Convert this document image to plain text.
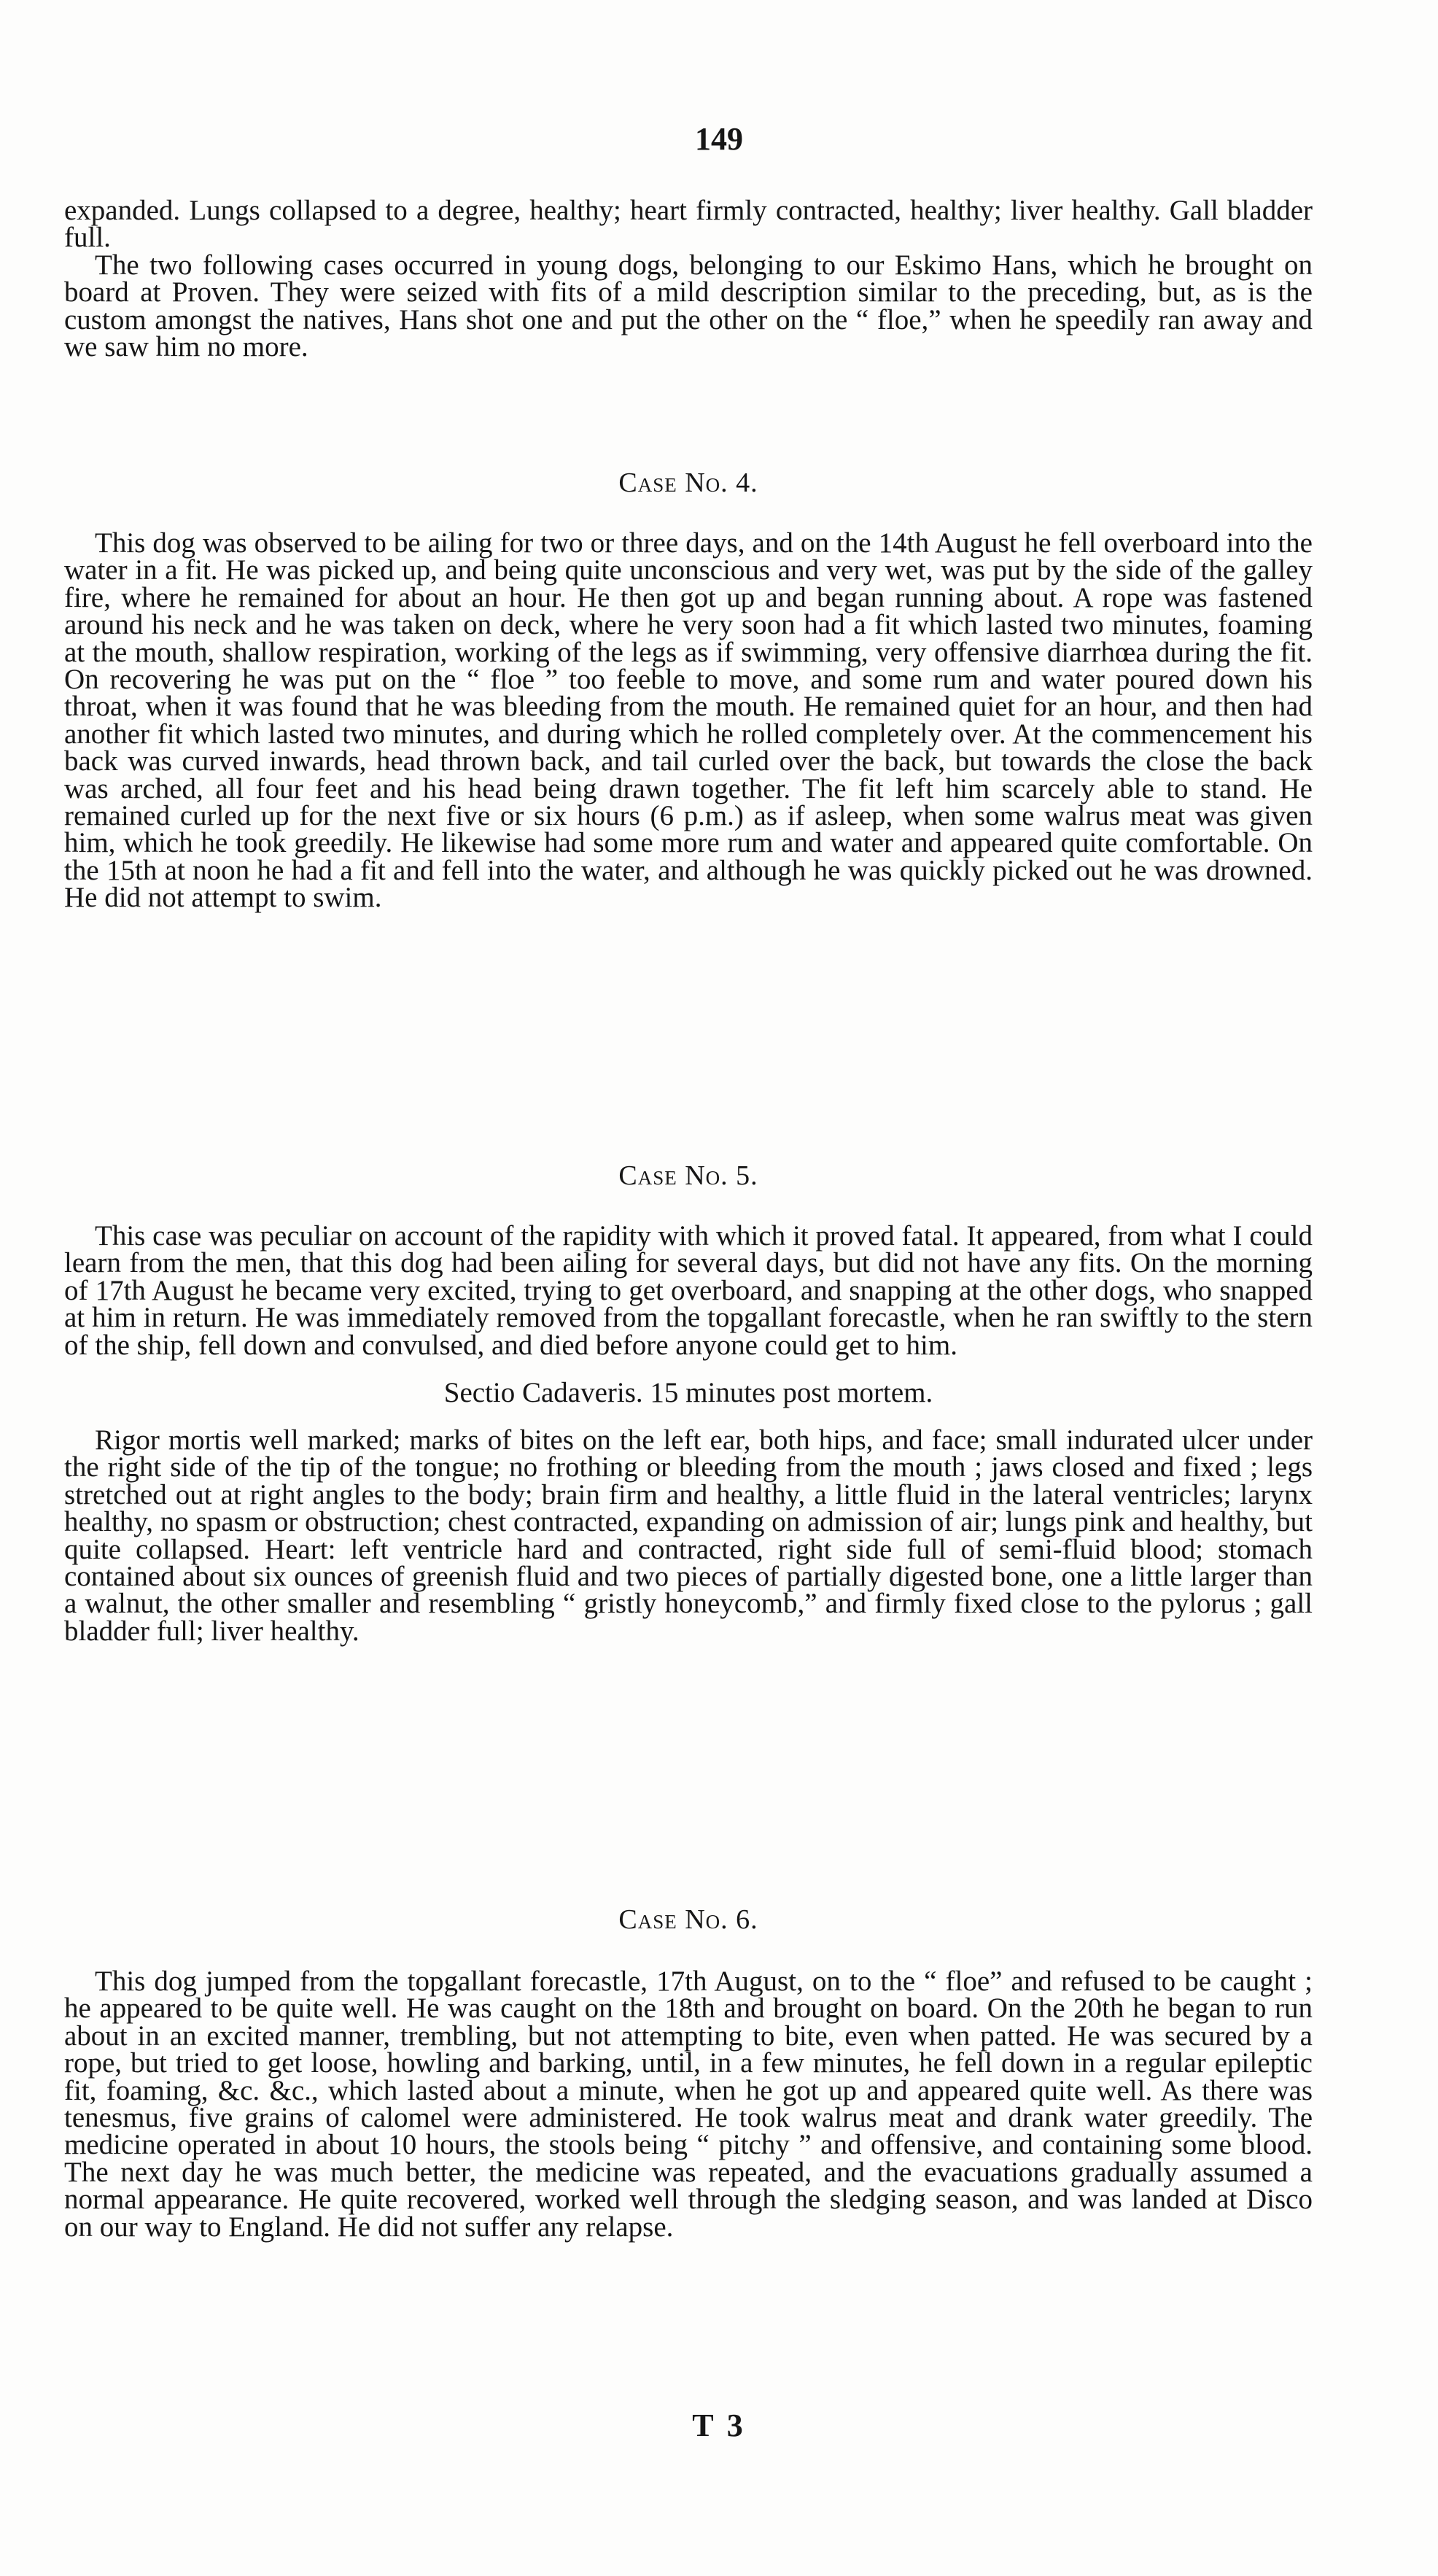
149

expanded. Lungs collapsed to a degree, healthy; heart firmly contracted, healthy; liver healthy. Gall bladder full.

The two following cases occurred in young dogs, belonging to our Eskimo Hans, which he brought on board at Proven. They were seized with fits of a mild description similar to the preceding, but, as is the custom amongst the natives, Hans shot one and put the other on the “ floe,” when he speedily ran away and we saw him no more.

Case No. 4.

This dog was observed to be ailing for two or three days, and on the 14th August he fell overboard into the water in a fit. He was picked up, and being quite unconscious and very wet, was put by the side of the galley fire, where he remained for about an hour. He then got up and began running about. A rope was fastened around his neck and he was taken on deck, where he very soon had a fit which lasted two minutes, foaming at the mouth, shallow respiration, working of the legs as if swimming, very offensive diarrhœa during the fit. On recovering he was put on the “ floe ” too feeble to move, and some rum and water poured down his throat, when it was found that he was bleeding from the mouth. He remained quiet for an hour, and then had another fit which lasted two minutes, and during which he rolled completely over. At the commencement his back was curved inwards, head thrown back, and tail curled over the back, but towards the close the back was arched, all four feet and his head being drawn together. The fit left him scarcely able to stand. He remained curled up for the next five or six hours (6 p.m.) as if asleep, when some walrus meat was given him, which he took greedily. He likewise had some more rum and water and appeared quite comfortable. On the 15th at noon he had a fit and fell into the water, and although he was quickly picked out he was drowned. He did not attempt to swim.

Case No. 5.

This case was peculiar on account of the rapidity with which it proved fatal. It appeared, from what I could learn from the men, that this dog had been ailing for several days, but did not have any fits. On the morning of 17th August he became very excited, trying to get overboard, and snapping at the other dogs, who snapped at him in return. He was immediately removed from the topgallant forecastle, when he ran swiftly to the stern of the ship, fell down and convulsed, and died before anyone could get to him.

Sectio Cadaveris. 15 minutes post mortem.

Rigor mortis well marked; marks of bites on the left ear, both hips, and face; small indurated ulcer under the right side of the tip of the tongue; no frothing or bleeding from the mouth ; jaws closed and fixed ; legs stretched out at right angles to the body; brain firm and healthy, a little fluid in the lateral ventricles; larynx healthy, no spasm or obstruction; chest contracted, expanding on admission of air; lungs pink and healthy, but quite collapsed. Heart: left ventricle hard and contracted, right side full of semi-fluid blood; stomach contained about six ounces of greenish fluid and two pieces of partially digested bone, one a little larger than a walnut, the other smaller and resembling “ gristly honeycomb,” and firmly fixed close to the pylorus ; gall bladder full; liver healthy.

Case No. 6.

This dog jumped from the topgallant forecastle, 17th August, on to the “ floe” and refused to be caught ; he appeared to be quite well. He was caught on the 18th and brought on board. On the 20th he began to run about in an excited manner, trembling, but not attempting to bite, even when patted. He was secured by a rope, but tried to get loose, howling and barking, until, in a few minutes, he fell down in a regular epileptic fit, foaming, &c. &c., which lasted about a minute, when he got up and appeared quite well. As there was tenesmus, five grains of calomel were administered. He took walrus meat and drank water greedily. The medicine operated in about 10 hours, the stools being “ pitchy ” and offensive, and containing some blood. The next day he was much better, the medicine was repeated, and the evacuations gradually assumed a normal appearance. He quite recovered, worked well through the sledging season, and was landed at Disco on our way to England. He did not suffer any relapse.

T 3
